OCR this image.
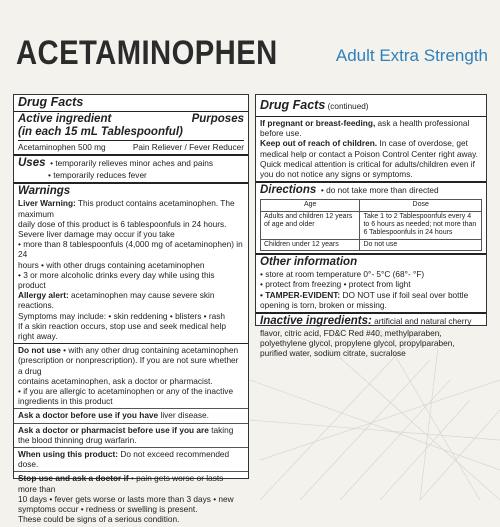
ACETAMINOPHEN	Adult Extra Strength
Drug Facts
Active ingredient	Purposes
(in each 15 mL Tablespoonful)
Acetaminophen 500 mg	Pain Reliever / Fever Reducer
Uses • temporarily relieves minor aches and pains
• temporarily reduces fever
Warnings
Liver Warning: This product contains acetaminophen. The maximum
daily dose of this product is 6 tablespoonfuls in 24 hours.
Severe liver damage may occur if you take
• more than 8 tablespoonfuls (4,000 mg of acetaminophen) in 24
hours • with other drugs containing acetaminophen
• 3 or more alcoholic drinks every day while using this product
Allergy alert: acetaminophen may cause severe skin reactions.
Symptoms may include: • skin reddening • blisters • rash
If a skin reaction occurs, stop use and seek medical help right away.
Do not use • with any other drug containing acetaminophen
(prescription or nonprescription). If you are not sure whether a drug
contains acetaminophen, ask a doctor or pharmacist.
• if you are allergic to acetaminophen or any of the inactive
ingredients in this product
Ask a doctor before use if you have liver disease.
Ask a doctor or pharmacist before use if you are taking the blood thinning drug warfarin.
When using this product: Do not exceed recommended dose.
Stop use and ask a doctor if • pain gets worse or lasts more than
10 days • fever gets worse or lasts more than 3 days • new
symptoms occur • redness or swelling is present.
These could be signs of a serious condition.
Drug Facts (continued)
If pregnant or breast-feeding, ask a health professional before use.
Keep out of reach of children. In case of overdose, get medical help or contact a Poison Control Center right away. Quick medical attention is critical for adults/children even if you do not notice any signs or symptoms.
Directions • do not take more than directed
Age	Dose
Adults and children 12 years of age and older	Take 1 to 2 Tablespoonfuls every 4 to 6 hours as needed; not more than 6 Tablespoonfuls in 24 hours
Children under 12 years	Do not use
Other information
• store at room temperature 0°- 5°C (68°- °F)
• protect from freezing • protect from light
• TAMPER-EVIDENT: DO NOT use if foil seal over bottle opening is torn, broken or missing.
Inactive ingredients: artificial and natural cherry flavor, citric acid, FD&C Red #40, methylparaben, polyethylene glycol, propylene glycol, propylparaben, purified water, sodium citrate, sucralose
